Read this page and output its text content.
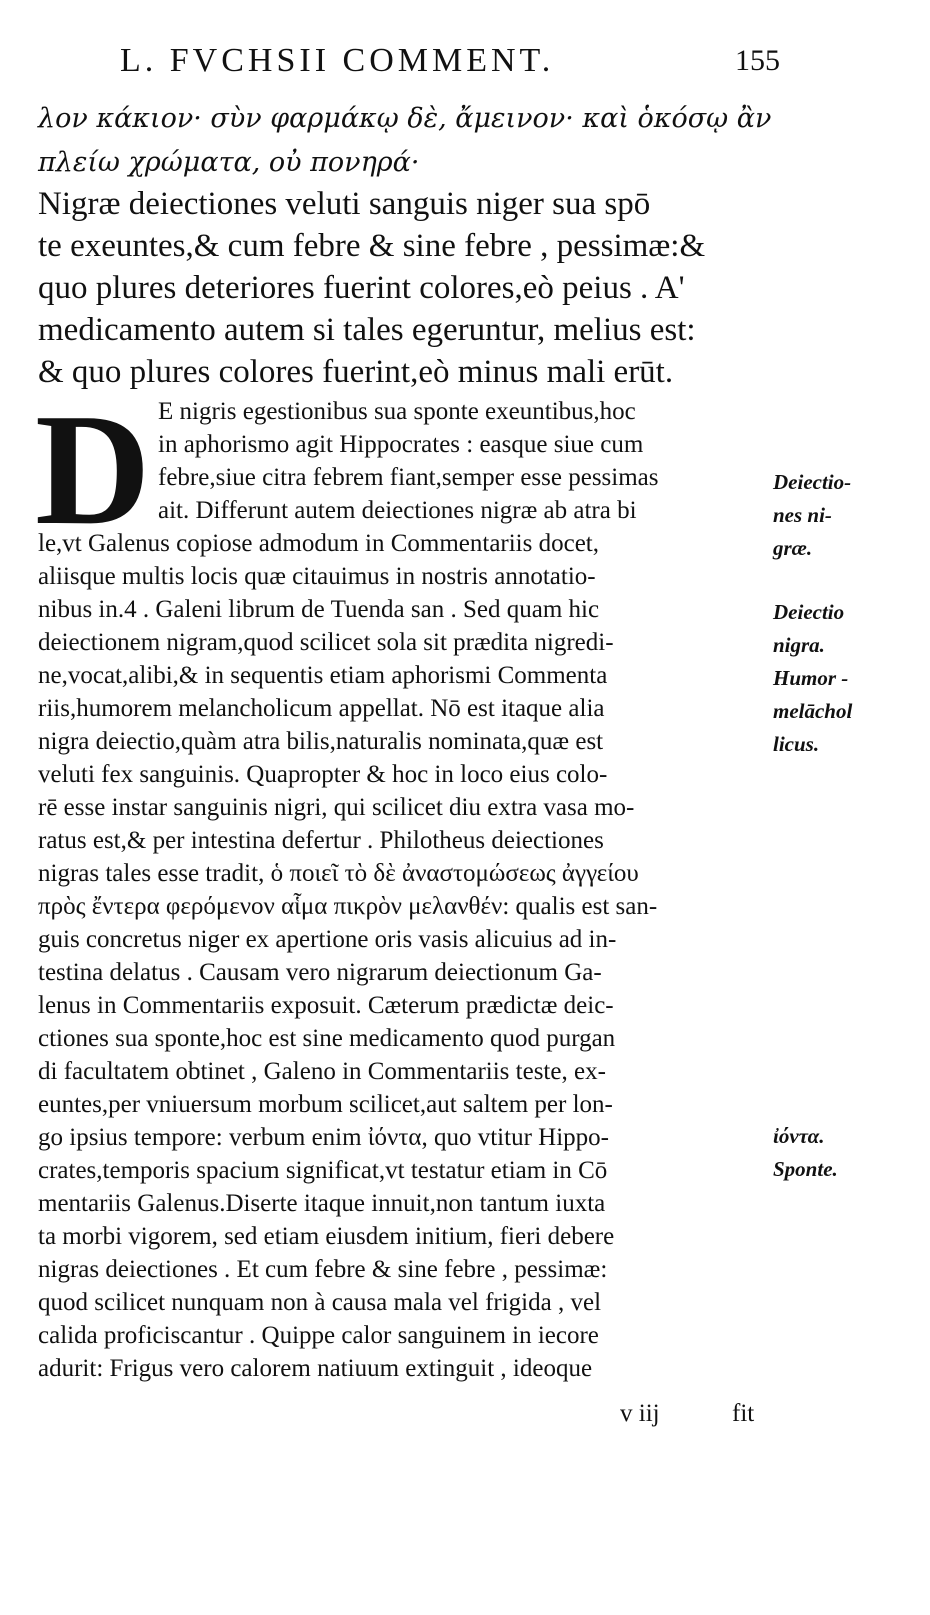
L. FVCHSII COMMENT.	155
λον κάκιον· σὺν φαρμάκῳ δὲ, ἄμεινον· καὶ ὁκόσῳ ἂν
πλείω χρώματα, οὐ πονηρά·
Nigræ deiectiones veluti sanguis niger sua spō
te exeuntes,& cum febre & sine febre , pessimæ:&
quo plures deteriores fuerint colores,eò peius . A'
medicamento autem si tales egeruntur, melius est:
& quo plures colores fuerint,eò minus mali erūt.
D E nigris egestionibus sua sponte exeuntibus,hoc
in aphorismo agit Hippocrates : easque siue cum
febre,siue citra febrem fiant,semper esse pessimas
ait. Differunt autem deiectiones nigræ ab atra bi
le,vt Galenus copiose admodum in Commentariis docet,
aliisque multis locis quæ citauimus in nostris annotatio-
nibus in.4 . Galeni librum de Tuenda san . Sed quam hic
deiectionem nigram,quod scilicet sola sit prædita nigredi-
ne,vocat,alibi,& in sequentis etiam aphorismi Commenta
riis,humorem melancholicum appellat. Nō est itaque alia
nigra deiectio,quàm atra bilis,naturalis nominata,quæ est
veluti fex sanguinis. Quapropter & hoc in loco eius colo-
rē esse instar sanguinis nigri, qui scilicet diu extra vasa mo-
ratus est,& per intestina defertur . Philotheus deiectiones
nigras tales esse tradit, ὁ ποιεῖ τὸ δὲ ἀναστομώσεως ἀγγείου
πρὸς ἔντερα φερόμενον αἷμα πικρὸν μελανθέν: qualis est san-
guis concretus niger ex apertione oris vasis alicuius ad in-
testina delatus . Causam vero nigrarum deiectionum Ga-
lenus in Commentariis exposuit. Cæterum prædictæ deic-
ctiones sua sponte,hoc est sine medicamento quod purgan
di facultatem obtinet , Galeno in Commentariis teste, ex-
euntes,per vniuersum morbum scilicet,aut saltem per lon-
go ipsius tempore: verbum enim ἰόντα, quo vtitur Hippo-
crates,temporis spacium significat,vt testatur etiam in Cō
mentariis Galenus.Diserte itaque innuit,non tantum iuxta
ta morbi vigorem, sed etiam eiusdem initium, fieri debere
nigras deiectiones . Et cum febre & sine febre , pessimæ:
quod scilicet nunquam non à causa mala vel frigida , vel
calida proficiscantur . Quippe calor sanguinem in iecore
adurit: Frigus vero calorem natiuum extinguit , ideoque
Deiectio-
nes ni-
græ.
Deiectio
nigra.
Humor -
melāchol
licus.
ἰόντα.
Sponte.
v iij	fit
